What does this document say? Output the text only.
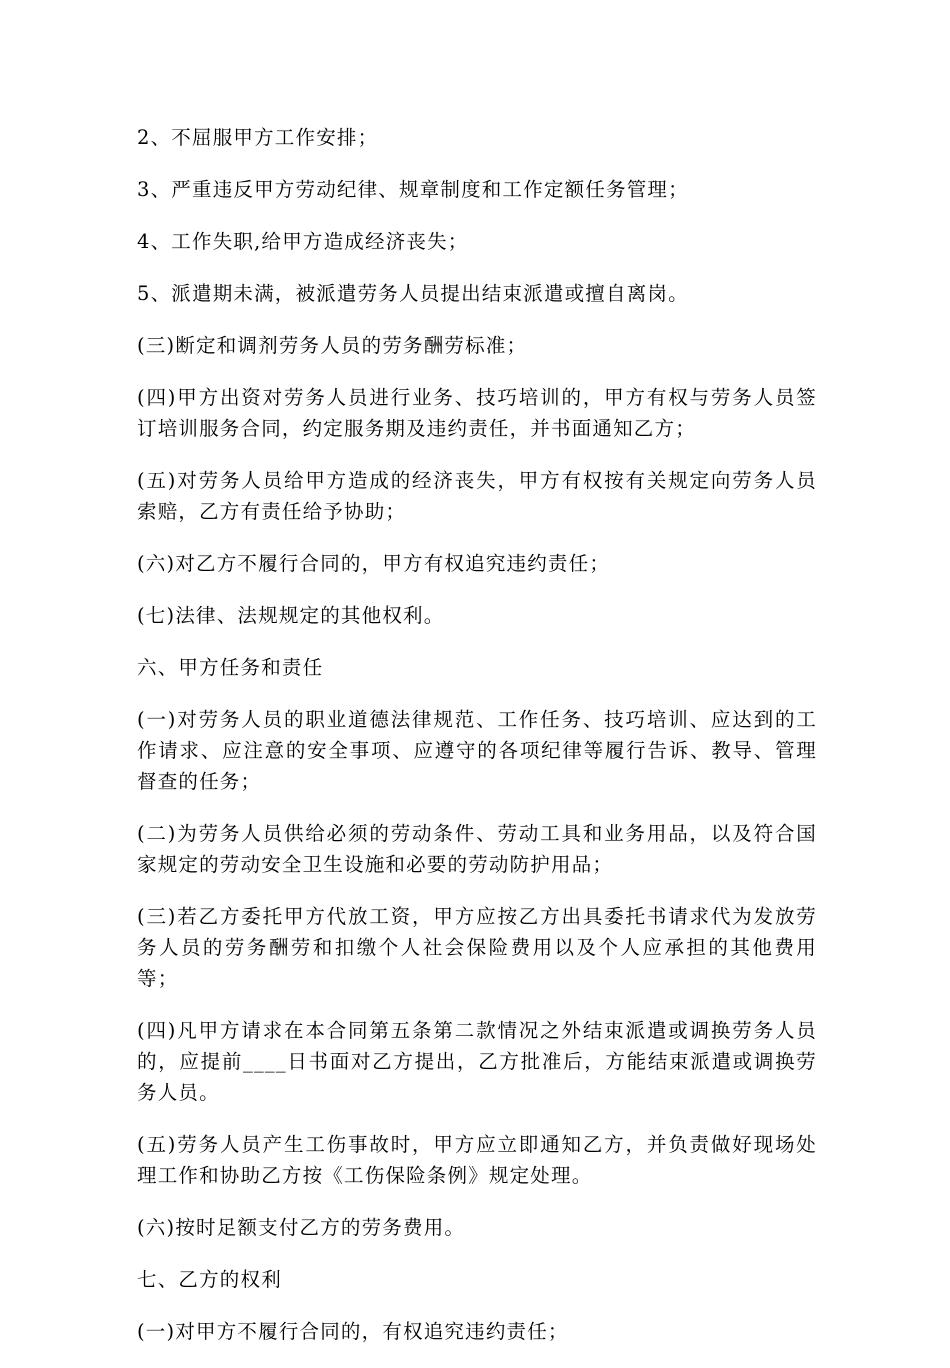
2、不屈服甲方工作安排；

3、严重违反甲方劳动纪律、规章制度和工作定额任务管理；

4、工作失职,给甲方造成经济丧失；

5、派遣期未满，被派遣劳务人员提出结束派遣或擅自离岗。

(三)断定和调剂劳务人员的劳务酬劳标准；

(四)甲方出资对劳务人员进行业务、技巧培训的，甲方有权与劳务人员签订培训服务合同，约定服务期及违约责任，并书面通知乙方；

(五)对劳务人员给甲方造成的经济丧失，甲方有权按有关规定向劳务人员索赔，乙方有责任给予协助；

(六)对乙方不履行合同的，甲方有权追究违约责任；

(七)法律、法规规定的其他权利。

六、甲方任务和责任

(一)对劳务人员的职业道德法律规范、工作任务、技巧培训、应达到的工作请求、应注意的安全事项、应遵守的各项纪律等履行告诉、教导、管理督查的任务；

(二)为劳务人员供给必须的劳动条件、劳动工具和业务用品，以及符合国家规定的劳动安全卫生设施和必要的劳动防护用品；

(三)若乙方委托甲方代放工资，甲方应按乙方出具委托书请求代为发放劳务人员的劳务酬劳和扣缴个人社会保险费用以及个人应承担的其他费用等；

(四)凡甲方请求在本合同第五条第二款情况之外结束派遣或调换劳务人员的，应提前____日书面对乙方提出，乙方批准后，方能结束派遣或调换劳务人员。

(五)劳务人员产生工伤事故时，甲方应立即通知乙方，并负责做好现场处理工作和协助乙方按《工伤保险条例》规定处理。

(六)按时足额支付乙方的劳务费用。

七、乙方的权利

(一)对甲方不履行合同的，有权追究违约责任；
